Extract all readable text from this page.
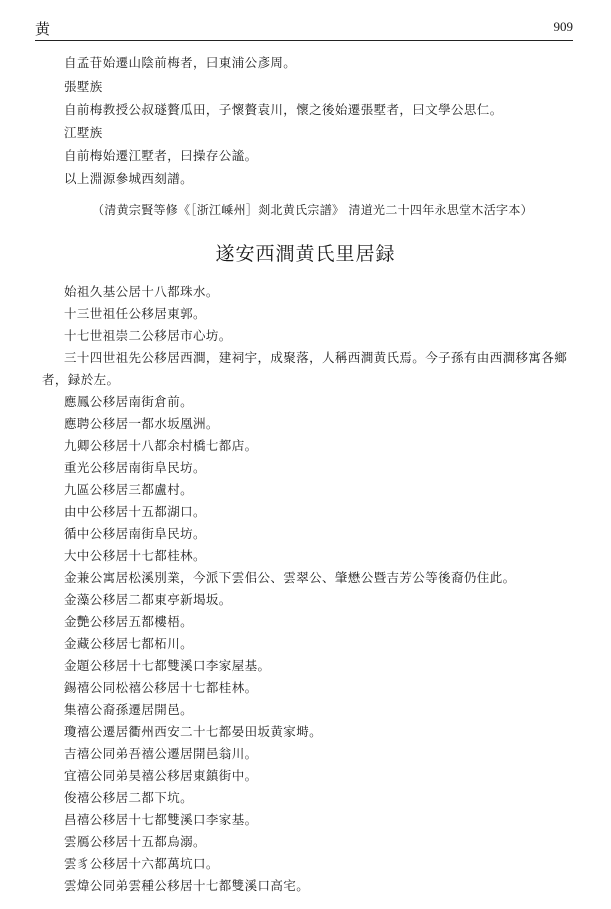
黄	909
自孟苷始遷山陰前梅者，曰東浦公彥周。
張墅族
自前梅教授公叔璲贅瓜田，子懷贅袁川，懷之後始遷張墅者，曰文學公思仁。
江墅族
自前梅始遷江墅者，曰操存公謐。
以上淵源參城西刻譜。
（清黄宗賢等修《［浙江嵊州］剡北黄氏宗譜》 清道光二十四年永思堂木活字本）
遂安西澗黄氏里居録
始祖久基公居十八都珠水。
十三世祖任公移居東郭。
十七世祖崇二公移居市心坊。
三十四世祖先公移居西澗，建祠宇，成聚落，人稱西澗黄氏焉。今子孫有由西澗移寓各鄉
者，録於左。
應鳳公移居南街倉前。
應聘公移居一都水坂凰洲。
九卿公移居十八都余村橋七都店。
重光公移居南街阜民坊。
九區公移居三都盧村。
由中公移居十五都湖口。
循中公移居南街阜民坊。
大中公移居十七都桂林。
金兼公寓居松溪別業，今派下雲佀公、雲翠公、肇懋公暨吉芳公等後裔仍住此。
金藻公移居二都東亭新堨坂。
金艷公移居五都樓梧。
金藏公移居七都柘川。
金題公移居十七都雙溪口李家屋基。
錫禧公同松禧公移居十七都桂林。
集禧公裔孫遷居開邑。
瓊禧公遷居衢州西安二十七都晏田坂黄家塒。
吉禧公同弟吾禧公遷居開邑翁川。
宜禧公同弟昊禧公移居東鎮街中。
俊禧公移居二都下坑。
昌禧公移居十七都雙溪口李家基。
雲鴈公移居十五都烏溺。
雲豸公移居十六都萬坑口。
雲煒公同弟雲種公移居十七都雙溪口高宅。
